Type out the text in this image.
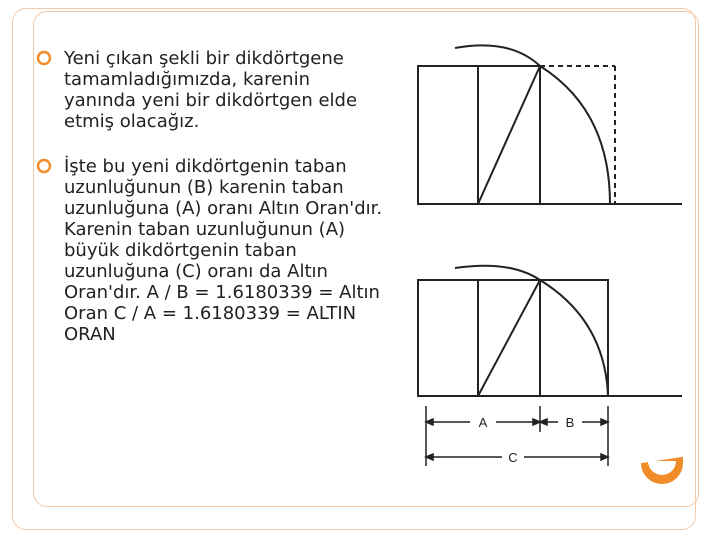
Yeni çıkan şekli bir dikdörtgene tamamladığımızda, karenin yanında yeni bir dikdörtgen elde etmiş olacağız.
İşte bu yeni dikdörtgenin taban uzunluğunun (B) karenin taban uzunluğuna (A) oranı Altın Oran'dır. Karenin taban uzunluğunun (A) büyük dikdörtgenin taban uzunluğuna (C) oranı da Altın Oran'dır. A / B = 1.6180339 = Altın Oran C / A = 1.6180339 = ALTIN ORAN
A	B
C
